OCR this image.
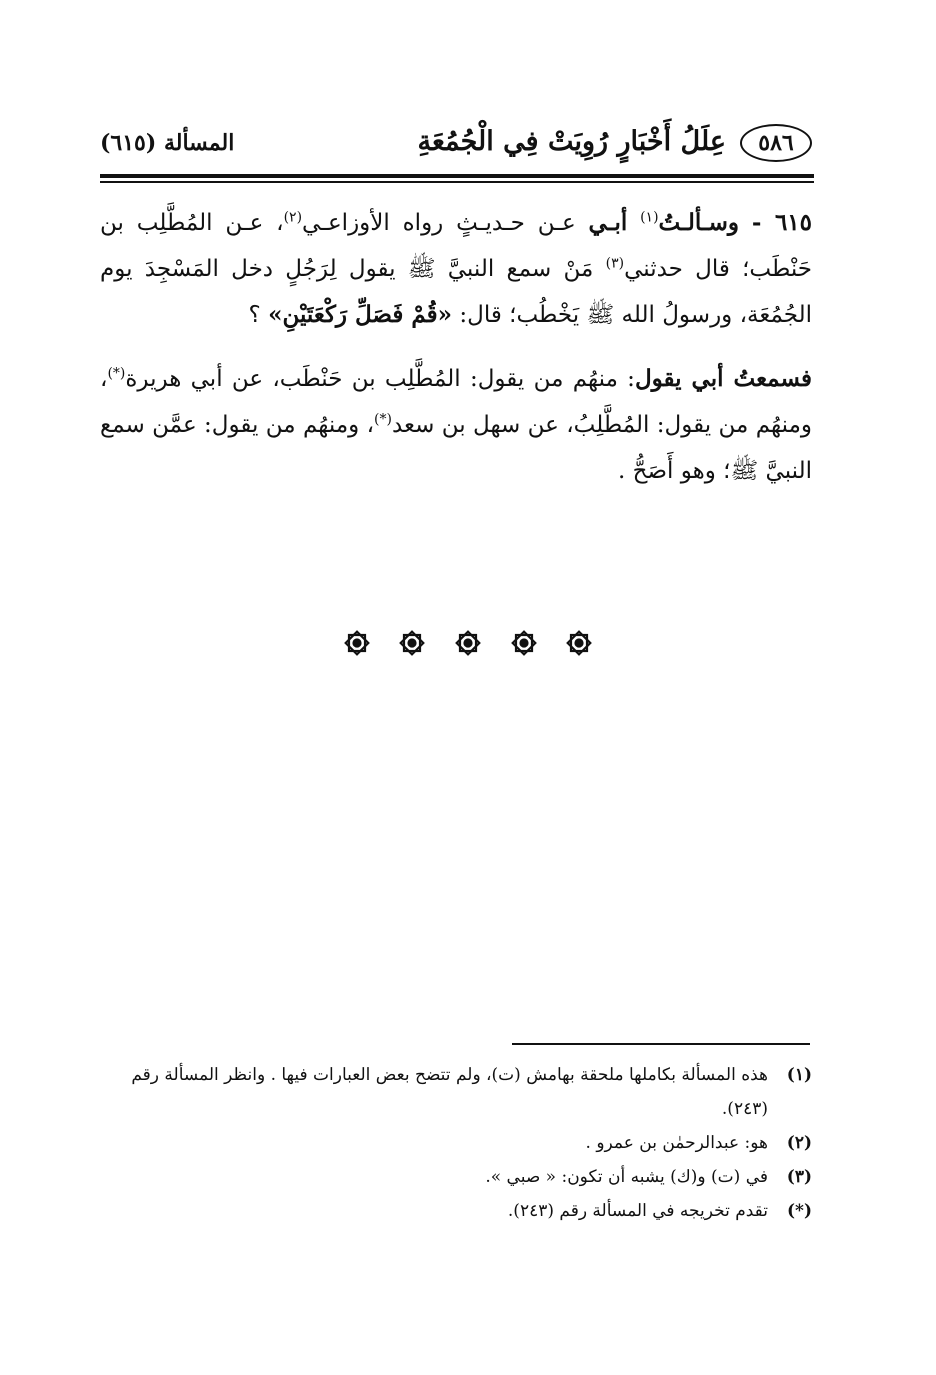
٥٨٦
عِلَلُ أَخْبَارٍ رُوِيَتْ فِي الْجُمُعَةِ
المسألة (٦١٥)

٦١٥ - وسـألـتُ$^{(١)}$ أبـي عـن حـديـثٍ رواه الأوزاعـي$^{(٢)}$، عـن المُطَّلِب بن حَنْطَب؛ قال حدثني$^{(٣)}$ مَنْ سمع النبيَّ ﷺ يقول لِرَجُلٍ دخل المَسْجِدَ يوم الجُمُعَة، ورسولُ الله ﷺ يَخْطُب؛ قال: «قُمْ فَصَلِّ رَكْعَتَيْنِ» ؟

فسمعتُ أبي يقول: منهُم من يقول: المُطَّلِب بن حَنْطَب، عن أبي هريرة(*)، ومنهُم من يقول: المُطَّلِبُ، عن سهل بن سعد(*)، ومنهُم من يقول: عمَّن سمع النبيَّ ﷺ؛ وهو أَصَحُّ .

(١)
هذه المسألة بكاملها ملحقة بهامش (ت)، ولم تتضح بعض العبارات فيها . وانظر المسألة رقم (٢٤٣).
(٢)
هو: عبدالرحمٰن بن عمرو .
(٣)
في (ت) و(ك) يشبه أن تكون: « صبي ».
(*)
تقدم تخريجه في المسألة رقم (٢٤٣).
